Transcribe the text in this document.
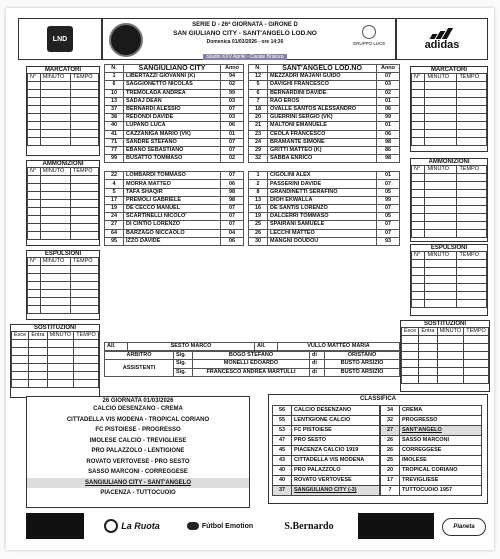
LND
SERIE D - 26ª GIORNATA - GIRONE D
SAN GIULIANO CITY - SANT'ANGELO LOD.NO
Domenica 01/03/2026 - ore 14:30
Stadio XXV Aprile - Carate Brianza
GRUPPO LUCE	adidas
MARCATORI
N°	MINUTO	TEMPO

AMMONIZIONI
N°	MINUTO	TEMPO

ESPULSIONI
N°	MINUTO	TEMPO

MARCATORI
N°	MINUTO	TEMPO

AMMONIZIONI
N°	MINUTO	TEMPO

ESPULSIONI
N°	MINUTO	TEMPO

SOSTITUZIONI
Esce	Entra	MINUTO	TEMPO

SOSTITUZIONI
Esce	Entra	MINUTO	TEMPO

N.	SANGIULIANO CITY	Anno
1	LIBERTAZZI GIOVANNI (K)	94
6	SAGGIONETTO NICOLAS	02
10	TREMOLADA ANDREA	99
13	SADAJ DEAN	03
37	BERNARDI ALESSIO	07
38	REDONDI DAVIDE	03
40	LUPANO LUCA	06
41	CAZZANIGA MARIO (VK)	01
71	SANDRE STEFANO	07
77	EBANO SEBASTIANO	07
99	BUSATTO TOMMASO	02
22	LOMBARDI TOMMASO	07
4	MORRA MATTEO	06
5	TAFA SHAQIR	98
17	PREMOLI GABRIELE	98
19	DE CECCO MANUEL	07
24	SCARTINELLI NICOLO'	07
27	DI CINTIO LORENZO	07
64	BARZAGO NICCAOLO	04
95	IZZO DAVIDE	06
N.	SANT'ANGELO LOD.NO	Anno
12	MEZZADRI MAJANI GUIDO	07
5	DAVIGHI FRANCESCO	03
6	BERNARDINI DAVIDE	02
7	RAO EROS	01
18	OVALLE SANTOS ALESSANDRO	06
20	GUERRINI SERGIO (VK)	99
21	MALTONI EMANUELE	01
23	CEOLA FRANCESCO	06
24	BRAMANTE SIMONE	98
29	GRITTI MATTEO (K)	86
32	SABBA ENRICO	98
1	CIGOLINI ALEX	01
2	PASSERINI DAVIDE	07
8	GRANDINETTI SERAFINO	05
13	DIOH EKWALLA	99
16	DE SANTIS LORENZO	07
19	DALCERRI TOMMASO	05
25	SPAIRANI SAMUELE	07
26	LECCHI MATTEO	07
30	MANGNI DOUDOU	93
All.	SESTO MARCO	All.	VULLO MATTEO MARIA
ARBITRO	Sig.	BOGO STEFANO	di	ORISTANO
ASSISTENTI	Sig.	MONELLI EDOARDO	di	BUSTO ARSIZIO
	Sig.	FRANCESCO ANDREA MARTULLI	di	BUSTO ARSIZIO
26 GIORNATA 01/03/2026
CALCIO DESENZANO - CREMA
CITTADELLA VIS MODENA - TROPICAL CORIANO
FC PISTOIESE - PROGRESSO
IMOLESE CALCIO - TREVIGLIESE
PRO PALAZZOLO - LENTIGIONE
ROVATO VERTOVESE - PRO SESTO
SASSO MARCONI - CORREGGESE
SANGIULIANO CITY - SANT'ANGELO
PIACENZA - TUTTOCUOIO
CLASSIFICA
56	CALCIO DESENZANO
55	LENTIGIONE CALCIO
53	FC PISTOIESE
47	PRO SESTO
45	PIACENZA CALCIO 1919
43	CITTADELLA VIS MODENA
40	PRO PALAZZOLO
40	ROVATO VERTOVESE
37	SANGIULIANO CITY (-3)
34	CREMA
32	PROGRESSO
27	SANT'ANGELO
26	SASSO MARCONI
26	CORREGGESE
25	IMOLESE
20	TROPICAL CORIANO
17	TREVIGLIESE
7	TUTTOCUOIO 1957
La Ruota	Fútbol Emotion	S.Bernardo	Pianeta
